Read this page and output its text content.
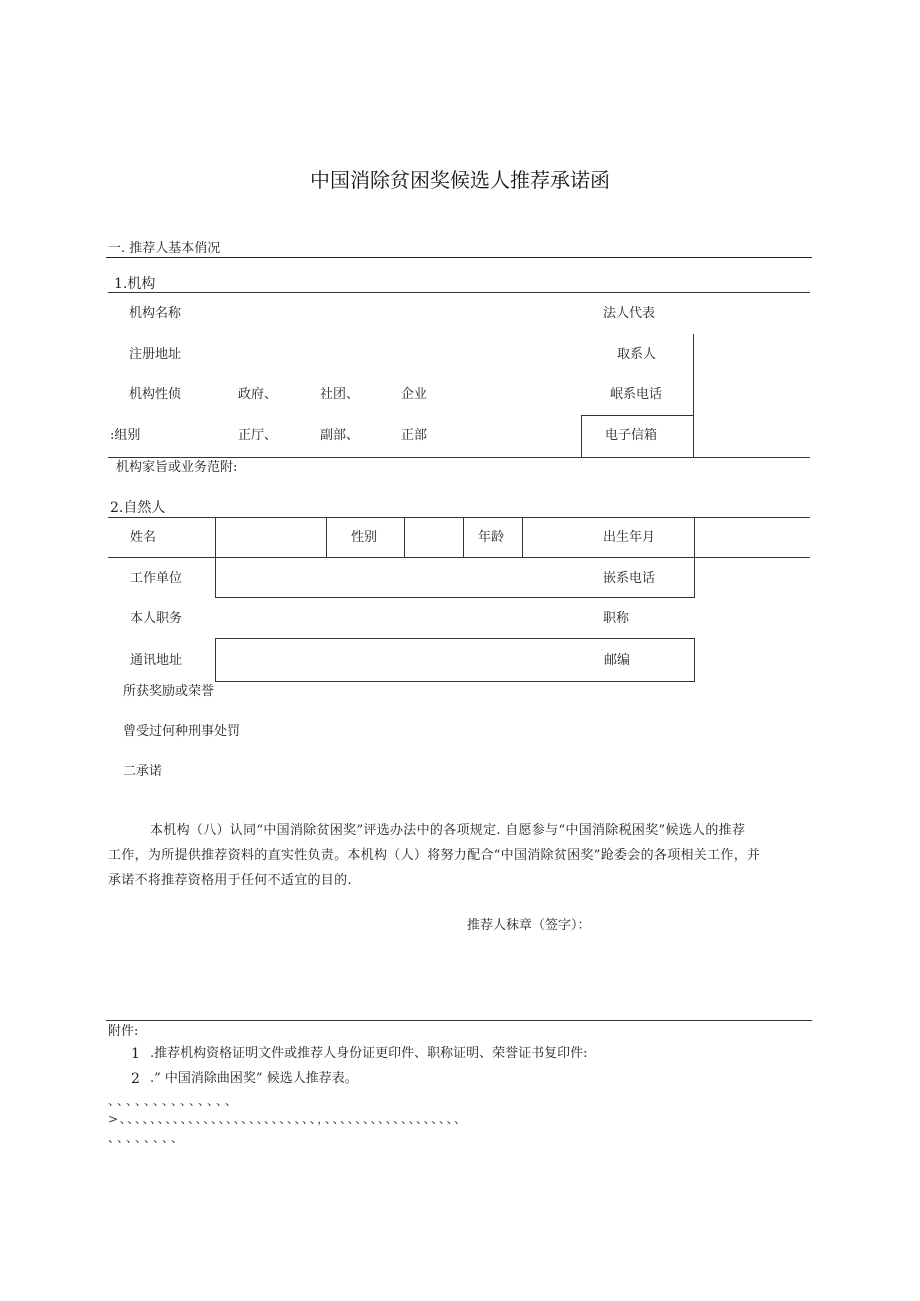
中国消除贫困奖候选人推荐承诺函
一. 推荐人基本俏况
1.机构
机构名称	法人代表
注册地址	取系人
机构性侦	政府、	社团、	企业	岷系电话
:组别	正厅、	副部、	正部	电子信箱
机构家旨或业务范附:
2.自然人
姓名	性别	年龄	出生年月
工作单位	嵌系电话
本人职务	职称
通讯地址	邮编
所获奖励或荣誉
曾受过何种刑事处罚
二承诺
本机构（八）认同“中国消除贫困奖”评选办法中的各项规定. 自愿参与“中国消除税困奖”候选人的推荐
工作，为所提供推荐资料的直实性负责。本机构（人）将努力配合“中国消除贫困奖”跄委会的各项相关工作，并
承诺不将推荐资格用于任何不适宜的目的.
推荐人秣章（签字）：
附件:
1 .推荐机构资格证明文件或推荐人身份证更印件、职称证明、荣誉证书复印件:
2 .” 中国消除曲困奖” 候选人推荐表。
、、、、、、、、、、、、、、
>、、、、、、、、、、、、、、、、、、、、、、、、、、，、、、、、、、、、、、、、、、、、、
、、、、、、、、
